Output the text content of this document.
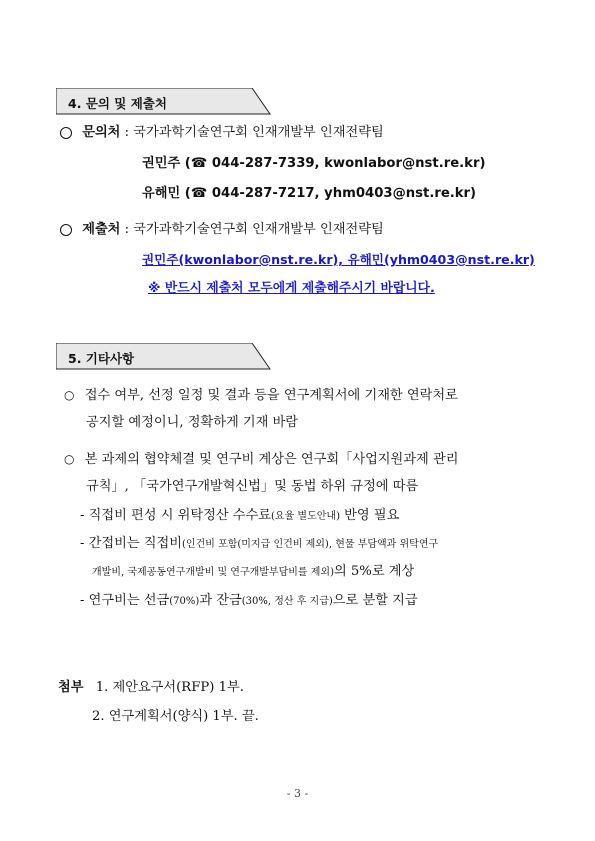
4. 문의 및 제출처
문의처 : 국가과학기술연구회 인재개발부 인재전략팀
권민주 (☎ 044-287-7339, kwonlabor@nst.re.kr)
유해민 (☎ 044-287-7217, yhm0403@nst.re.kr)
제출처 : 국가과학기술연구회 인재개발부 인재전략팀
권민주(kwonlabor@nst.re.kr), 유해민(yhm0403@nst.re.kr)
※ 반드시 제출처 모두에게 제출해주시기 바랍니다.
5. 기타사항
○ 접수 여부, 선정 일정 및 결과 등을 연구계획서에 기재한 연락처로
공지할 예정이니, 정확하게 기재 바람
○ 본 과제의 협약체결 및 연구비 계상은 연구회「사업지원과제 관리
규칙」, 「국가연구개발혁신법」및 동법 하위 규정에 따름
- 직접비 편성 시 위탁정산 수수료(요율 별도안내) 반영 필요
- 간접비는 직접비(인건비 포함(미지급 인건비 제외), 현물 부담액과 위탁연구
개발비, 국제공동연구개발비 및 연구개발부담비를 제외)의 5%로 계상
- 연구비는 선금(70%)과 잔금(30%, 정산 후 지급)으로 분할 지급
첨부 1. 제안요구서(RFP) 1부.
2. 연구계획서(양식) 1부. 끝.
- 3 -
